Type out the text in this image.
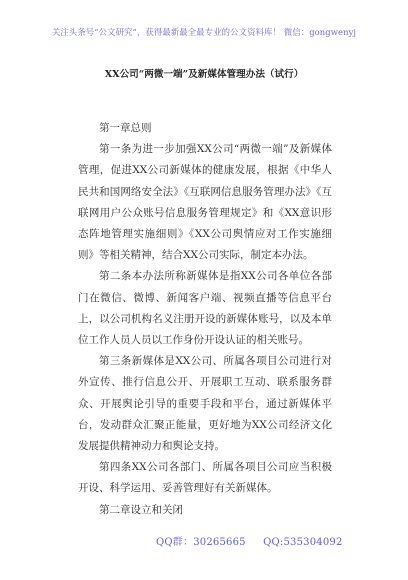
关注头条号“公文研究”，获得最新最全最专业的公文资料库！ 微信：gongwenyj
XX公司“两微一端”及新媒体管理办法（试行）

第一章总则

第一条为进一步加强XX公司“两微一端”及新媒体管理，促进XX公司新媒体的健康发展，根据《中华人民共和国网络安全法》《互联网信息服务管理办法》《互联网用户公众账号信息服务管理规定》和《XX意识形态阵地管理实施细则》《XX公司舆情应对工作实施细则》等相关精神，结合XX公司实际，制定本办法。

第二条本办法所称新媒体是指XX公司各单位各部门在微信、微博、新闻客户端、视频直播等信息平台上，以公司机构名义注册开设的新媒体账号，以及本单位工作人员人员以工作身份开设认证的相关账号。

第三条新媒体是XX公司、所属各项目公司进行对外宣传、推行信息公开、开展职工互动、联系服务群众、开展舆论引导的重要手段和平台，通过新媒体平台，发动群众汇聚正能量，更好地为XX公司经济文化发展提供精神动力和舆论支持。

第四条XX公司各部门、所属各项目公司应当积极开设、科学运用、妥善管理好有关新媒体。

第二章设立和关闭

QQ群：30265665 QQ:535304092
